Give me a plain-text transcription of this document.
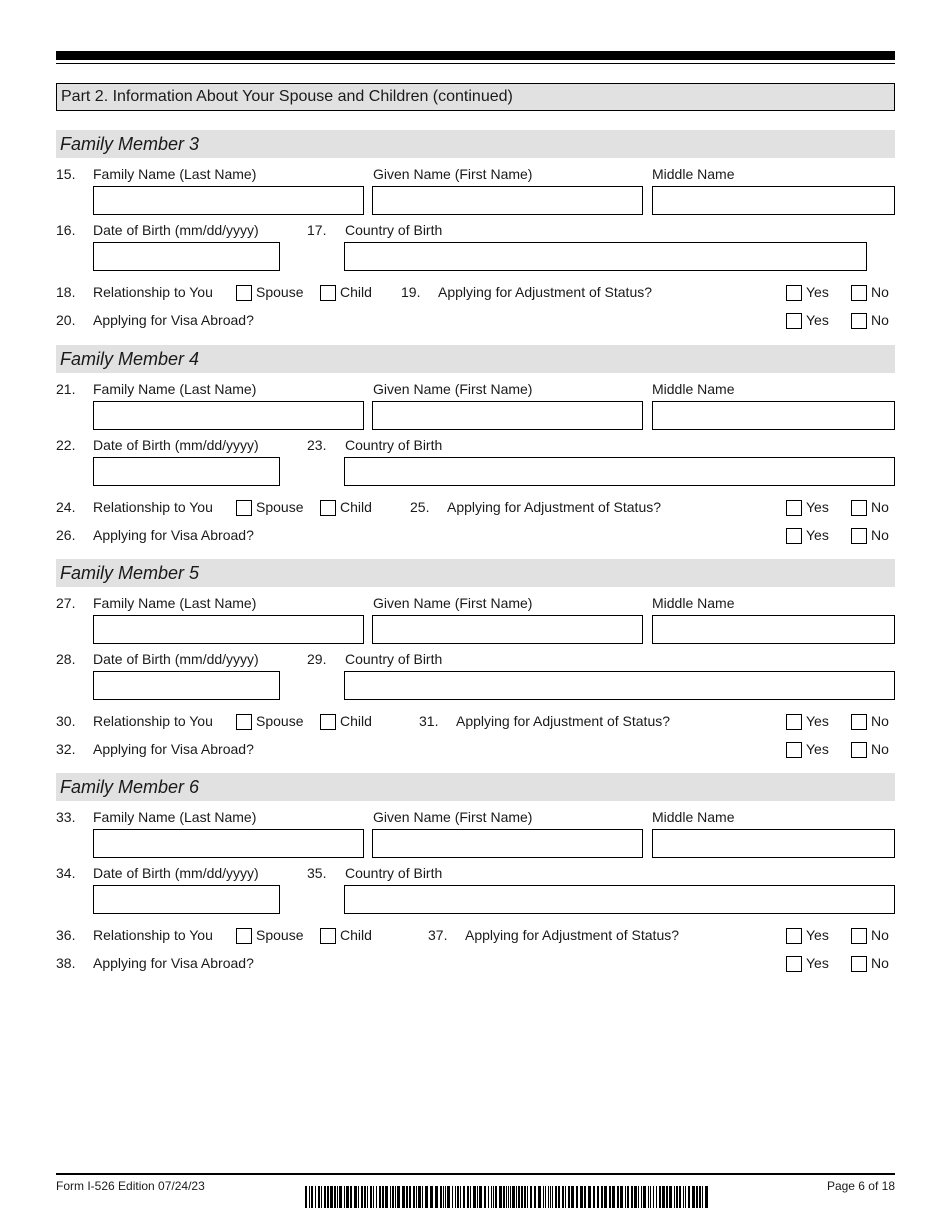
Part 2. Information About Your Spouse and Children (continued)
Family Member 3
15. Family Name (Last Name)	Given Name (First Name)	Middle Name
16. Date of Birth (mm/dd/yyyy)	17. Country of Birth
18. Relationship to You	Spouse	Child 19. Applying for Adjustment of Status?	Yes	No
20. Applying for Visa Abroad?	Yes	No
Family Member 4
21. Family Name (Last Name)	Given Name (First Name)	Middle Name
22. Date of Birth (mm/dd/yyyy)	23. Country of Birth
24. Relationship to You	Spouse	Child	25. Applying for Adjustment of Status?	Yes	No
26. Applying for Visa Abroad?	Yes	No
Family Member 5
27. Family Name (Last Name)	Given Name (First Name)	Middle Name
28. Date of Birth (mm/dd/yyyy)	29. Country of Birth
30. Relationship to You	Spouse	Child	31. Applying for Adjustment of Status?	Yes	No
32. Applying for Visa Abroad?	Yes	No
Family Member 6
33. Family Name (Last Name)	Given Name (First Name)	Middle Name
34. Date of Birth (mm/dd/yyyy)	35. Country of Birth
36. Relationship to You	Spouse	Child	37. Applying for Adjustment of Status?	Yes	No
38. Applying for Visa Abroad?	Yes	No
Form I-526 Edition 07/24/23	Page 6 of 18
